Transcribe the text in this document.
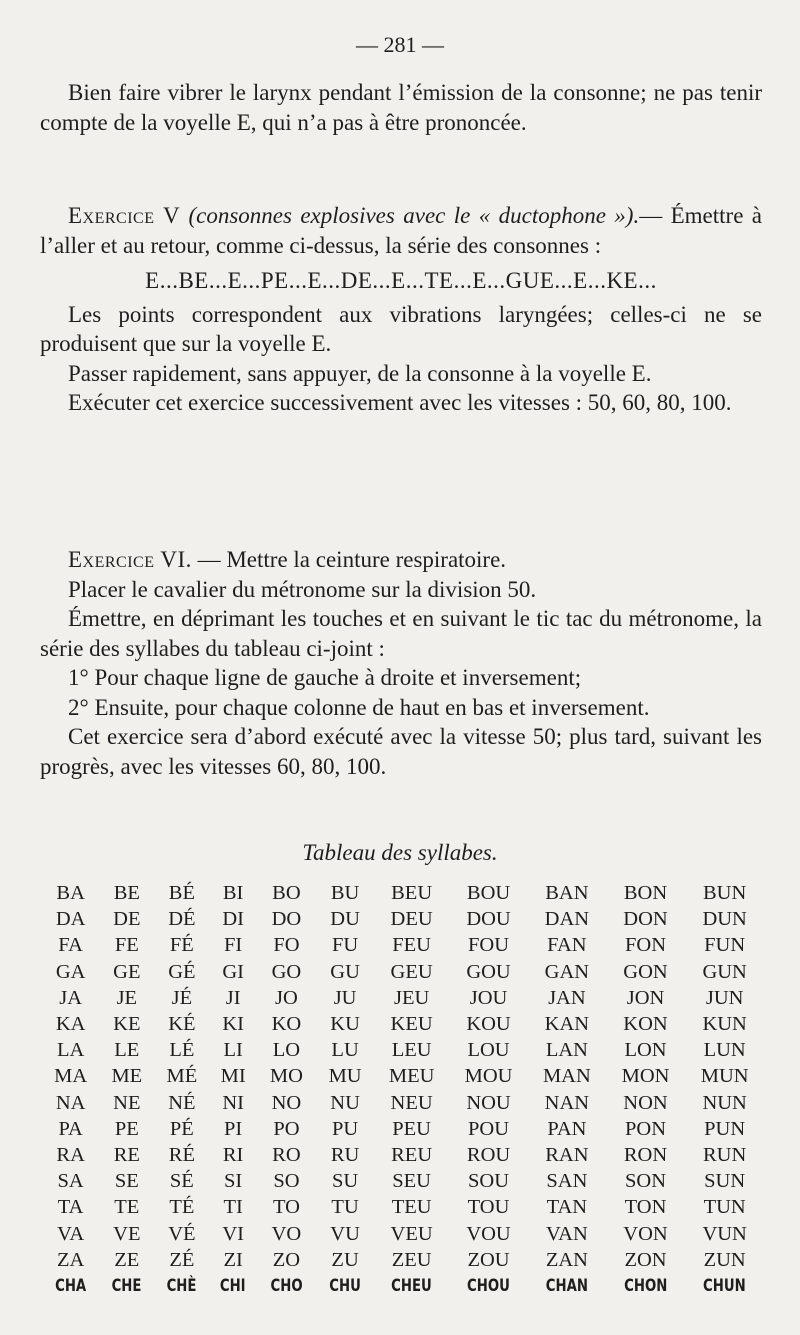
— 281 —

Bien faire vibrer le larynx pendant l’émission de la consonne; ne pas tenir compte de la voyelle E, qui n’a pas à être prononcée.

Exercice V (consonnes explosives avec le « ductophone »).— Émettre à l’aller et au retour, comme ci-dessus, la série des consonnes :

E...BE...E...PE...E...DE...E...TE...E...GUE...E...KE...

Les points correspondent aux vibrations laryngées; celles-ci ne se produisent que sur la voyelle E.

Passer rapidement, sans appuyer, de la consonne à la voyelle E.

Exécuter cet exercice successivement avec les vitesses : 50, 60, 80, 100.

Exercice VI. — Mettre la ceinture respiratoire.

Placer le cavalier du métronome sur la division 50.

Émettre, en déprimant les touches et en suivant le tic tac du métronome, la série des syllabes du tableau ci-joint :

1° Pour chaque ligne de gauche à droite et inversement;

2° Ensuite, pour chaque colonne de haut en bas et inversement.

Cet exercice sera d’abord exécuté avec la vitesse 50; plus tard, suivant les progrès, avec les vitesses 60, 80, 100.

Tableau des syllabes.
BA	BE	BÉ	BI	BO	BU	BEU	BOU	BAN	BON	BUN
DA	DE	DÉ	DI	DO	DU	DEU	DOU	DAN	DON	DUN
FA	FE	FÉ	FI	FO	FU	FEU	FOU	FAN	FON	FUN
GA	GE	GÉ	GI	GO	GU	GEU	GOU	GAN	GON	GUN
JA	JE	JÉ	JI	JO	JU	JEU	JOU	JAN	JON	JUN
KA	KE	KÉ	KI	KO	KU	KEU	KOU	KAN	KON	KUN
LA	LE	LÉ	LI	LO	LU	LEU	LOU	LAN	LON	LUN
MA	ME	MÉ	MI	MO	MU	MEU	MOU	MAN	MON	MUN
NA	NE	NÉ	NI	NO	NU	NEU	NOU	NAN	NON	NUN
PA	PE	PÉ	PI	PO	PU	PEU	POU	PAN	PON	PUN
RA	RE	RÉ	RI	RO	RU	REU	ROU	RAN	RON	RUN
SA	SE	SÉ	SI	SO	SU	SEU	SOU	SAN	SON	SUN
TA	TE	TÉ	TI	TO	TU	TEU	TOU	TAN	TON	TUN
VA	VE	VÉ	VI	VO	VU	VEU	VOU	VAN	VON	VUN
ZA	ZE	ZÉ	ZI	ZO	ZU	ZEU	ZOU	ZAN	ZON	ZUN
CHA	CHE	CHÈ	CHI	CHO	CHU	CHEU	CHOU	CHAN	CHON	CHUN
